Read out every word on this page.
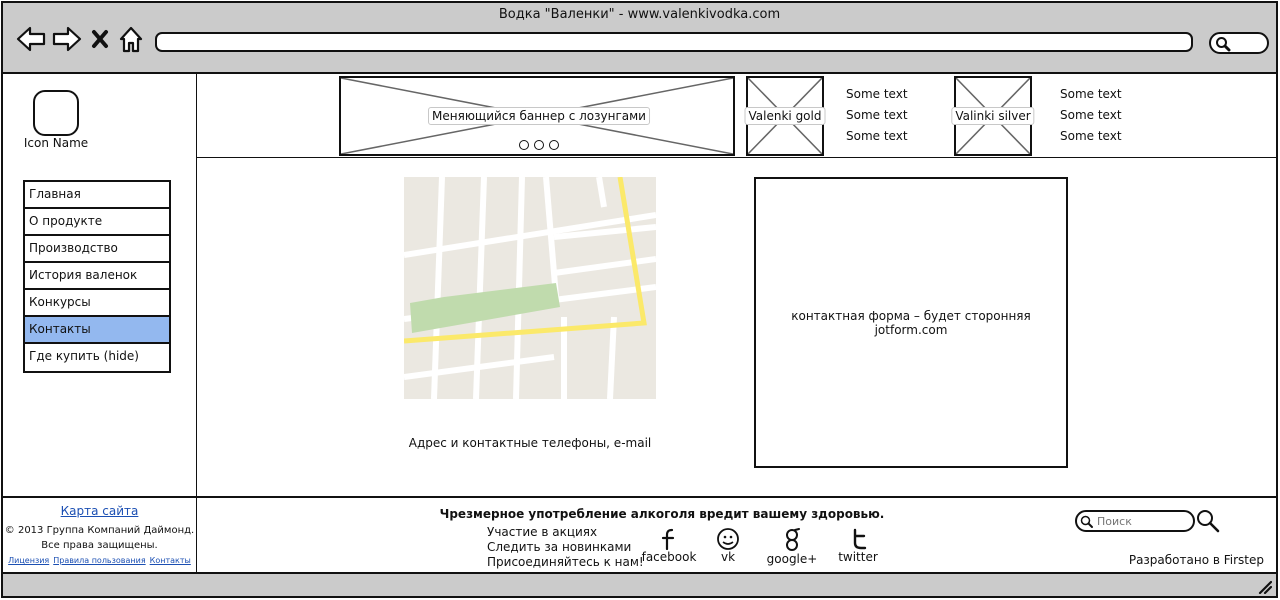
Водка "Валенки" - www.valenkivodka.com
Icon Name
Главная
О продукте
Производство
История валенок
Конкурсы
Контакты
Где купить (hide)
Меняющийся баннер с лозунгами	Valenki gold
Some text
Some text
Some text
Valinki silver
Some text
Some text
Some text
Адрес и контактные телефоны, e-mail
контактная форма – будет сторонняя jotform.com
Карта сайта
© 2013 Группа Компаний Даймонд.
Все права защищены.
Лицензия Правила пользования Контакты
Чрезмерное употребление алкоголя вредит вашему здоровью.
Участие в акциях
Следить за новинками
Присоединяйтесь к нам!
facebook	vk	google+	twitter
Поиск	Разработано в Firstep
